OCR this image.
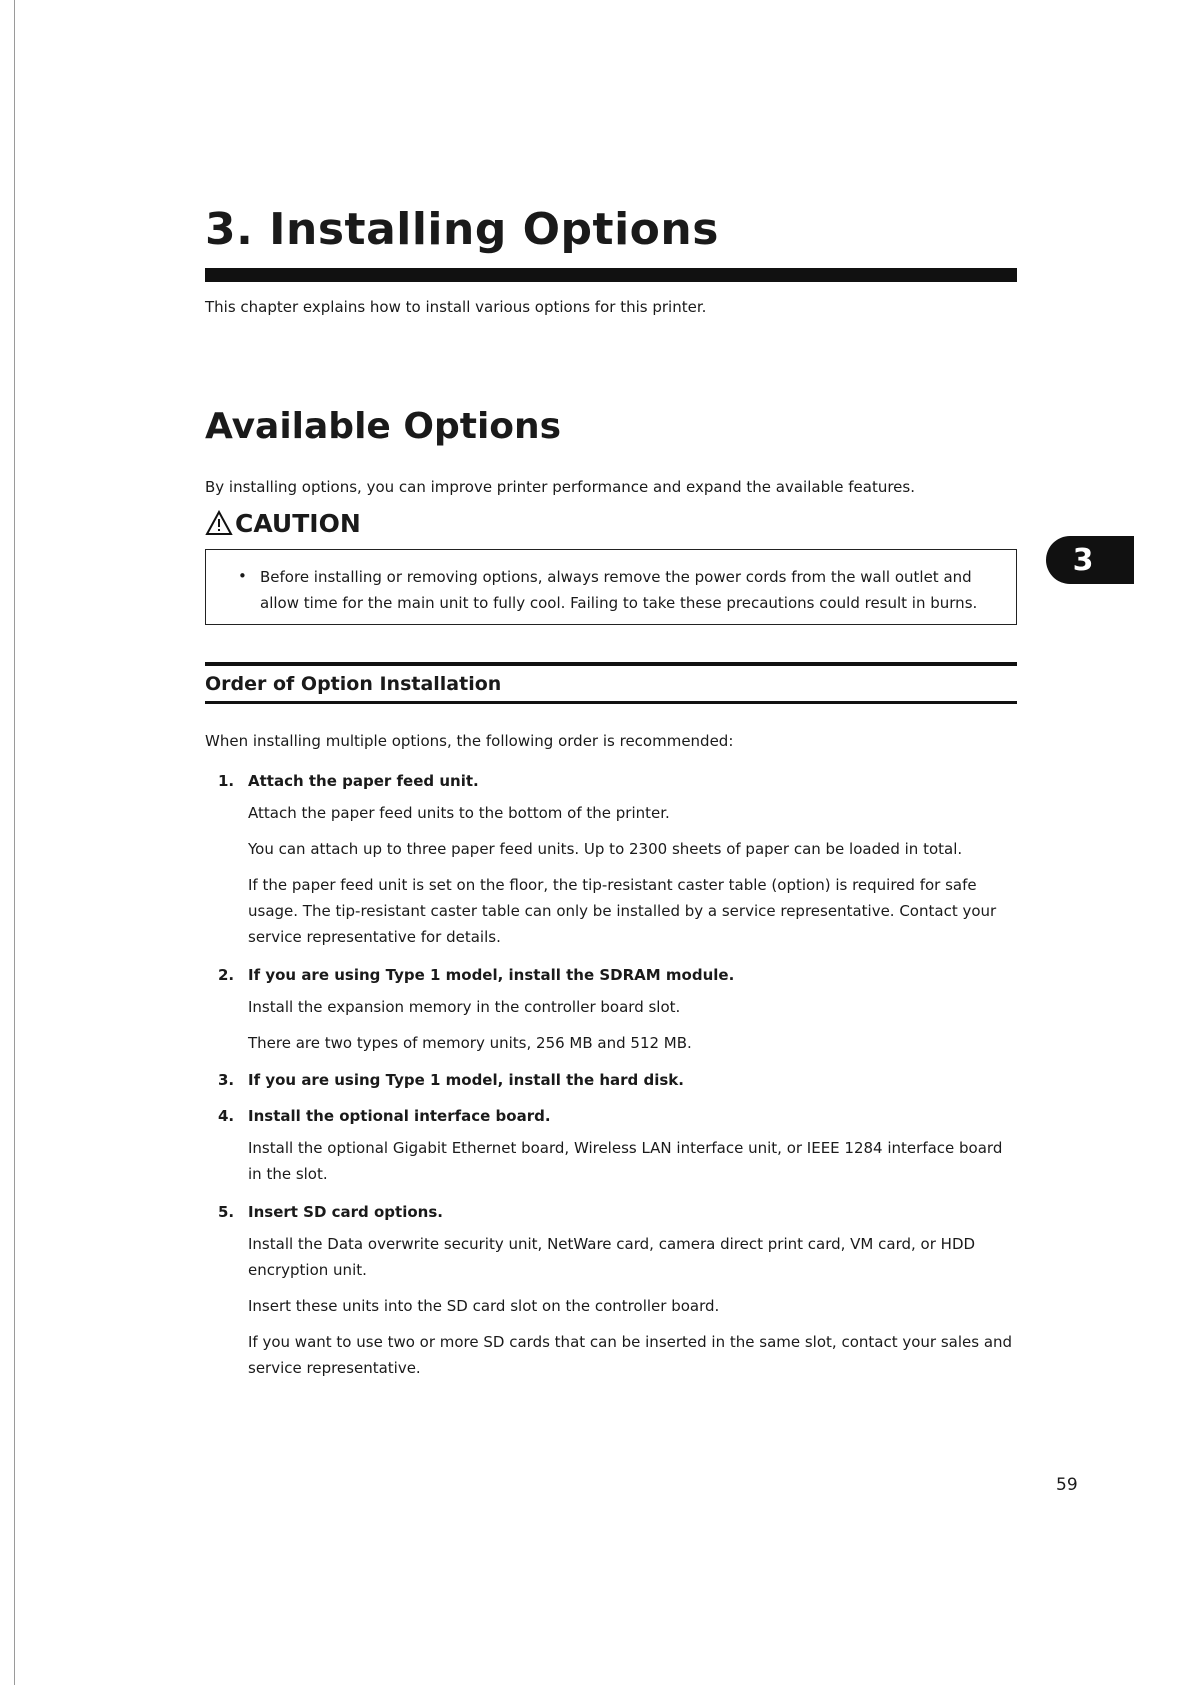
3. Installing Options

This chapter explains how to install various options for this printer.

Available Options

By installing options, you can improve printer performance and expand the available features.

CAUTION
• Before installing or removing options, always remove the power cords from the wall outlet and allow time for the main unit to fully cool. Failing to take these precautions could result in burns.

3
Order of Option Installation

When installing multiple options, the following order is recommended:

1. Attach the paper feed unit.

Attach the paper feed units to the bottom of the printer.

You can attach up to three paper feed units. Up to 2300 sheets of paper can be loaded in total.

If the paper feed unit is set on the floor, the tip-resistant caster table (option) is required for safe usage. The tip-resistant caster table can only be installed by a service representative. Contact your service representative for details.

2. If you are using Type 1 model, install the SDRAM module.

Install the expansion memory in the controller board slot.

There are two types of memory units, 256 MB and 512 MB.

3. If you are using Type 1 model, install the hard disk.

4. Install the optional interface board.

Install the optional Gigabit Ethernet board, Wireless LAN interface unit, or IEEE 1284 interface board in the slot.

5. Insert SD card options.

Install the Data overwrite security unit, NetWare card, camera direct print card, VM card, or HDD encryption unit.

Insert these units into the SD card slot on the controller board.

If you want to use two or more SD cards that can be inserted in the same slot, contact your sales and service representative.

59
